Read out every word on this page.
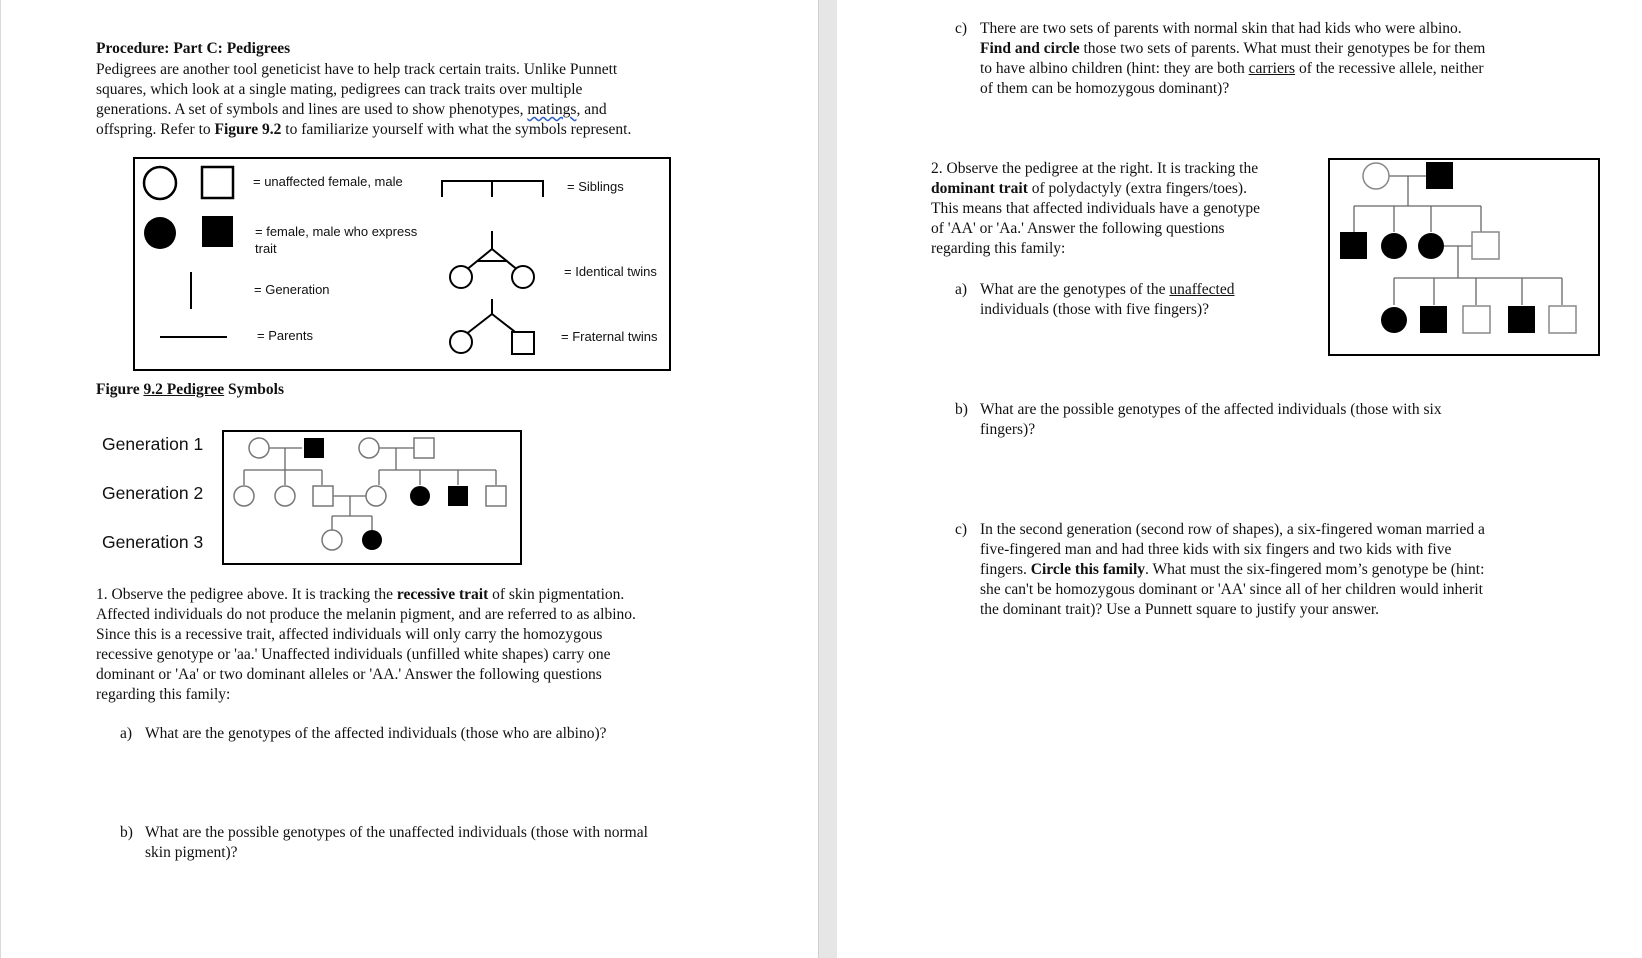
Procedure: Part C: Pedigrees
Pedigrees are another tool geneticist have to help track certain traits. Unlike Punnett
squares, which look at a single mating, pedigrees can track traits over multiple
generations. A set of symbols and lines are used to show phenotypes, matings, and
offspring. Refer to Figure 9.2 to familiarize yourself with what the symbols represent.
= unaffected female, male
= female, male who express
trait
= Generation
= Parents
= Siblings
= Identical twins
= Fraternal twins
Figure 9.2 Pedigree Symbols
Generation 1
Generation 2
Generation 3
1. Observe the pedigree above. It is tracking the recessive trait of skin pigmentation.
Affected individuals do not produce the melanin pigment, and are referred to as albino.
Since this is a recessive trait, affected individuals will only carry the homozygous
recessive genotype or 'aa.' Unaffected individuals (unfilled white shapes) carry one
dominant or 'Aa' or two dominant alleles or 'AA.' Answer the following questions
regarding this family:
a) What are the genotypes of the affected individuals (those who are albino)?
b) What are the possible genotypes of the unaffected individuals (those with normal
skin pigment)?
c) There are two sets of parents with normal skin that had kids who were albino.
Find and circle those two sets of parents. What must their genotypes be for them
to have albino children (hint: they are both carriers of the recessive allele, neither
of them can be homozygous dominant)?
2. Observe the pedigree at the right. It is tracking the
dominant trait of polydactyly (extra fingers/toes).
This means that affected individuals have a genotype
of 'AA' or 'Aa.' Answer the following questions
regarding this family:
a) What are the genotypes of the unaffected
individuals (those with five fingers)?
b) What are the possible genotypes of the affected individuals (those with six
fingers)?
c) In the second generation (second row of shapes), a six-fingered woman married a
five-fingered man and had three kids with six fingers and two kids with five
fingers. Circle this family. What must the six-fingered mom’s genotype be (hint:
she can't be homozygous dominant or 'AA' since all of her children would inherit
the dominant trait)? Use a Punnett square to justify your answer.
